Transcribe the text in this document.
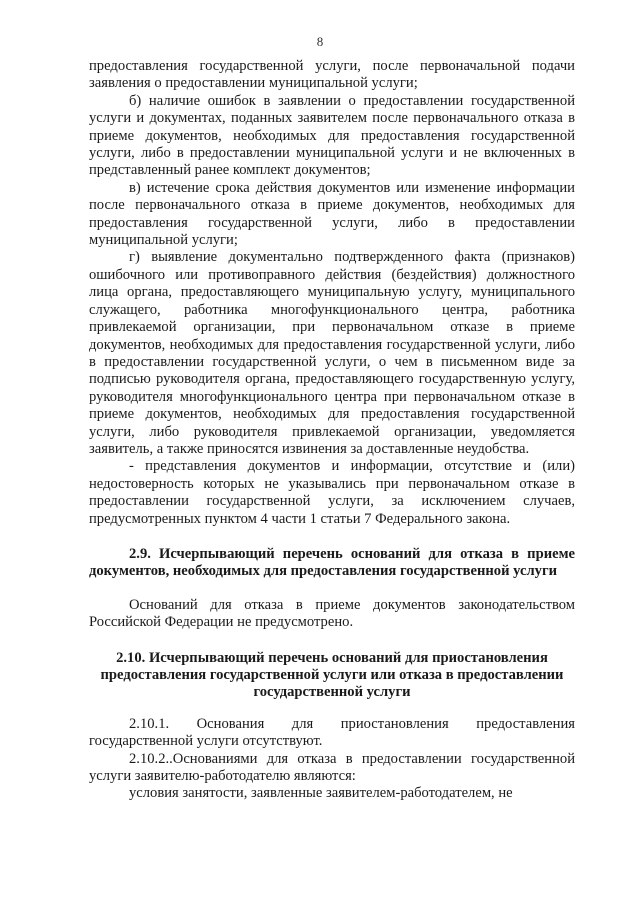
8

предоставления государственной услуги, после первоначальной подачи заявления о предоставлении муниципальной услуги;

б) наличие ошибок в заявлении о предоставлении государственной услуги и документах, поданных заявителем после первоначального отказа в приеме документов, необходимых для предоставления государственной услуги, либо в предоставлении муниципальной услуги и не включенных в представленный ранее комплект документов;

в) истечение срока действия документов или изменение информации после первоначального отказа в приеме документов, необходимых для предоставления государственной услуги, либо в предоставлении муниципальной услуги;

г) выявление документально подтвержденного факта (признаков) ошибочного или противоправного действия (бездействия) должностного лица органа, предоставляющего муниципальную услугу, муниципального служащего, работника многофункционального центра, работника привлекаемой организации, при первоначальном отказе в приеме документов, необходимых для предоставления государственной услуги, либо в предоставлении государственной услуги, о чем в письменном виде за подписью руководителя органа, предоставляющего государственную услугу, руководителя многофункционального центра при первоначальном отказе в приеме документов, необходимых для предоставления государственной услуги, либо руководителя привлекаемой организации, уведомляется заявитель, а также приносятся извинения за доставленные неудобства.

- представления документов и информации, отсутствие и (или) недостоверность которых не указывались при первоначальном отказе в предоставлении государственной услуги, за исключением случаев, предусмотренных пунктом 4 части 1 статьи 7 Федерального закона.

2.9. Исчерпывающий перечень оснований для отказа в приеме документов, необходимых для предоставления государственной услуги

Оснований для отказа в приеме документов законодательством Российской Федерации не предусмотрено.

2.10. Исчерпывающий перечень оснований для приостановления предоставления государственной услуги или отказа в предоставлении государственной услуги

2.10.1. Основания для приостановления предоставления государственной услуги отсутствуют.

2.10.2..Основаниями для отказа в предоставлении государственной услуги заявителю-работодателю являются:

условия занятости, заявленные заявителем-работодателем, не
